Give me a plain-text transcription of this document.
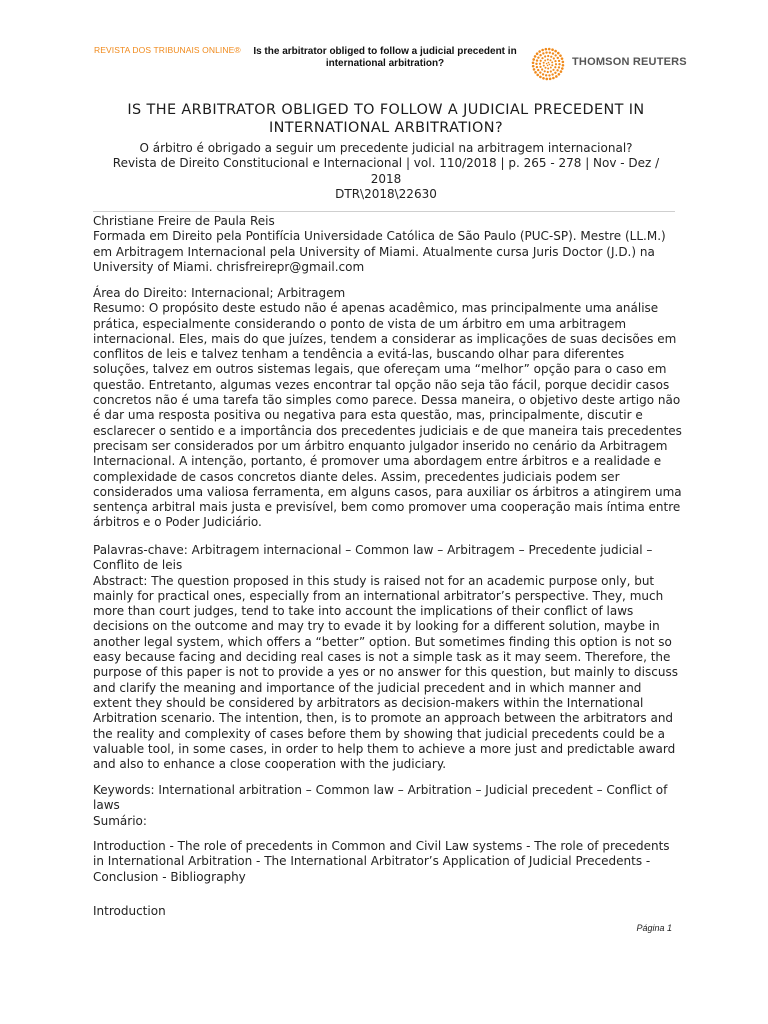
REVISTA DOS TRIBUNAIS ONLINE®	Is the arbitrator obliged to follow a judicial precedent in international arbitration?	THOMSON REUTERS
IS THE ARBITRATOR OBLIGED TO FOLLOW A JUDICIAL PRECEDENT IN INTERNATIONAL ARBITRATION?
O árbitro é obrigado a seguir um precedente judicial na arbitragem internacional?
Revista de Direito Constitucional e Internacional | vol. 110/2018 | p. 265 - 278 | Nov - Dez / 2018
DTR\2018\22630
Christiane Freire de Paula Reis
Formada em Direito pela Pontifícia Universidade Católica de São Paulo (PUC-SP). Mestre (LL.M.) em Arbitragem Internacional pela University of Miami. Atualmente cursa Juris Doctor (J.D.) na University of Miami. chrisfreirepr@gmail.com
Área do Direito: Internacional; Arbitragem
Resumo: O propósito deste estudo não é apenas acadêmico, mas principalmente uma análise prática, especialmente considerando o ponto de vista de um árbitro em uma arbitragem internacional. Eles, mais do que juízes, tendem a considerar as implicações de suas decisões em conflitos de leis e talvez tenham a tendência a evitá-las, buscando olhar para diferentes soluções, talvez em outros sistemas legais, que ofereçam uma “melhor” opção para o caso em questão. Entretanto, algumas vezes encontrar tal opção não seja tão fácil, porque decidir casos concretos não é uma tarefa tão simples como parece. Dessa maneira, o objetivo deste artigo não é dar uma resposta positiva ou negativa para esta questão, mas, principalmente, discutir e esclarecer o sentido e a importância dos precedentes judiciais e de que maneira tais precedentes precisam ser considerados por um árbitro enquanto julgador inserido no cenário da Arbitragem Internacional. A intenção, portanto, é promover uma abordagem entre árbitros e a realidade e complexidade de casos concretos diante deles. Assim, precedentes judiciais podem ser considerados uma valiosa ferramenta, em alguns casos, para auxiliar os árbitros a atingirem uma sentença arbitral mais justa e previsível, bem como promover uma cooperação mais íntima entre árbitros e o Poder Judiciário.
Palavras-chave: Arbitragem internacional – Common law – Arbitragem – Precedente judicial – Conflito de leis
Abstract: The question proposed in this study is raised not for an academic purpose only, but mainly for practical ones, especially from an international arbitrator’s perspective. They, much more than court judges, tend to take into account the implications of their conflict of laws decisions on the outcome and may try to evade it by looking for a different solution, maybe in another legal system, which offers a “better” option. But sometimes finding this option is not so easy because facing and deciding real cases is not a simple task as it may seem. Therefore, the purpose of this paper is not to provide a yes or no answer for this question, but mainly to discuss and clarify the meaning and importance of the judicial precedent and in which manner and extent they should be considered by arbitrators as decision-makers within the International Arbitration scenario. The intention, then, is to promote an approach between the arbitrators and the reality and complexity of cases before them by showing that judicial precedents could be a valuable tool, in some cases, in order to help them to achieve a more just and predictable award and also to enhance a close cooperation with the judiciary.
Keywords: International arbitration – Common law – Arbitration – Judicial precedent – Conflict of laws
Sumário:
Introduction - The role of precedents in Common and Civil Law systems - The role of precedents in International Arbitration - The International Arbitrator’s Application of Judicial Precedents - Conclusion - Bibliography
Introduction
Página 1
